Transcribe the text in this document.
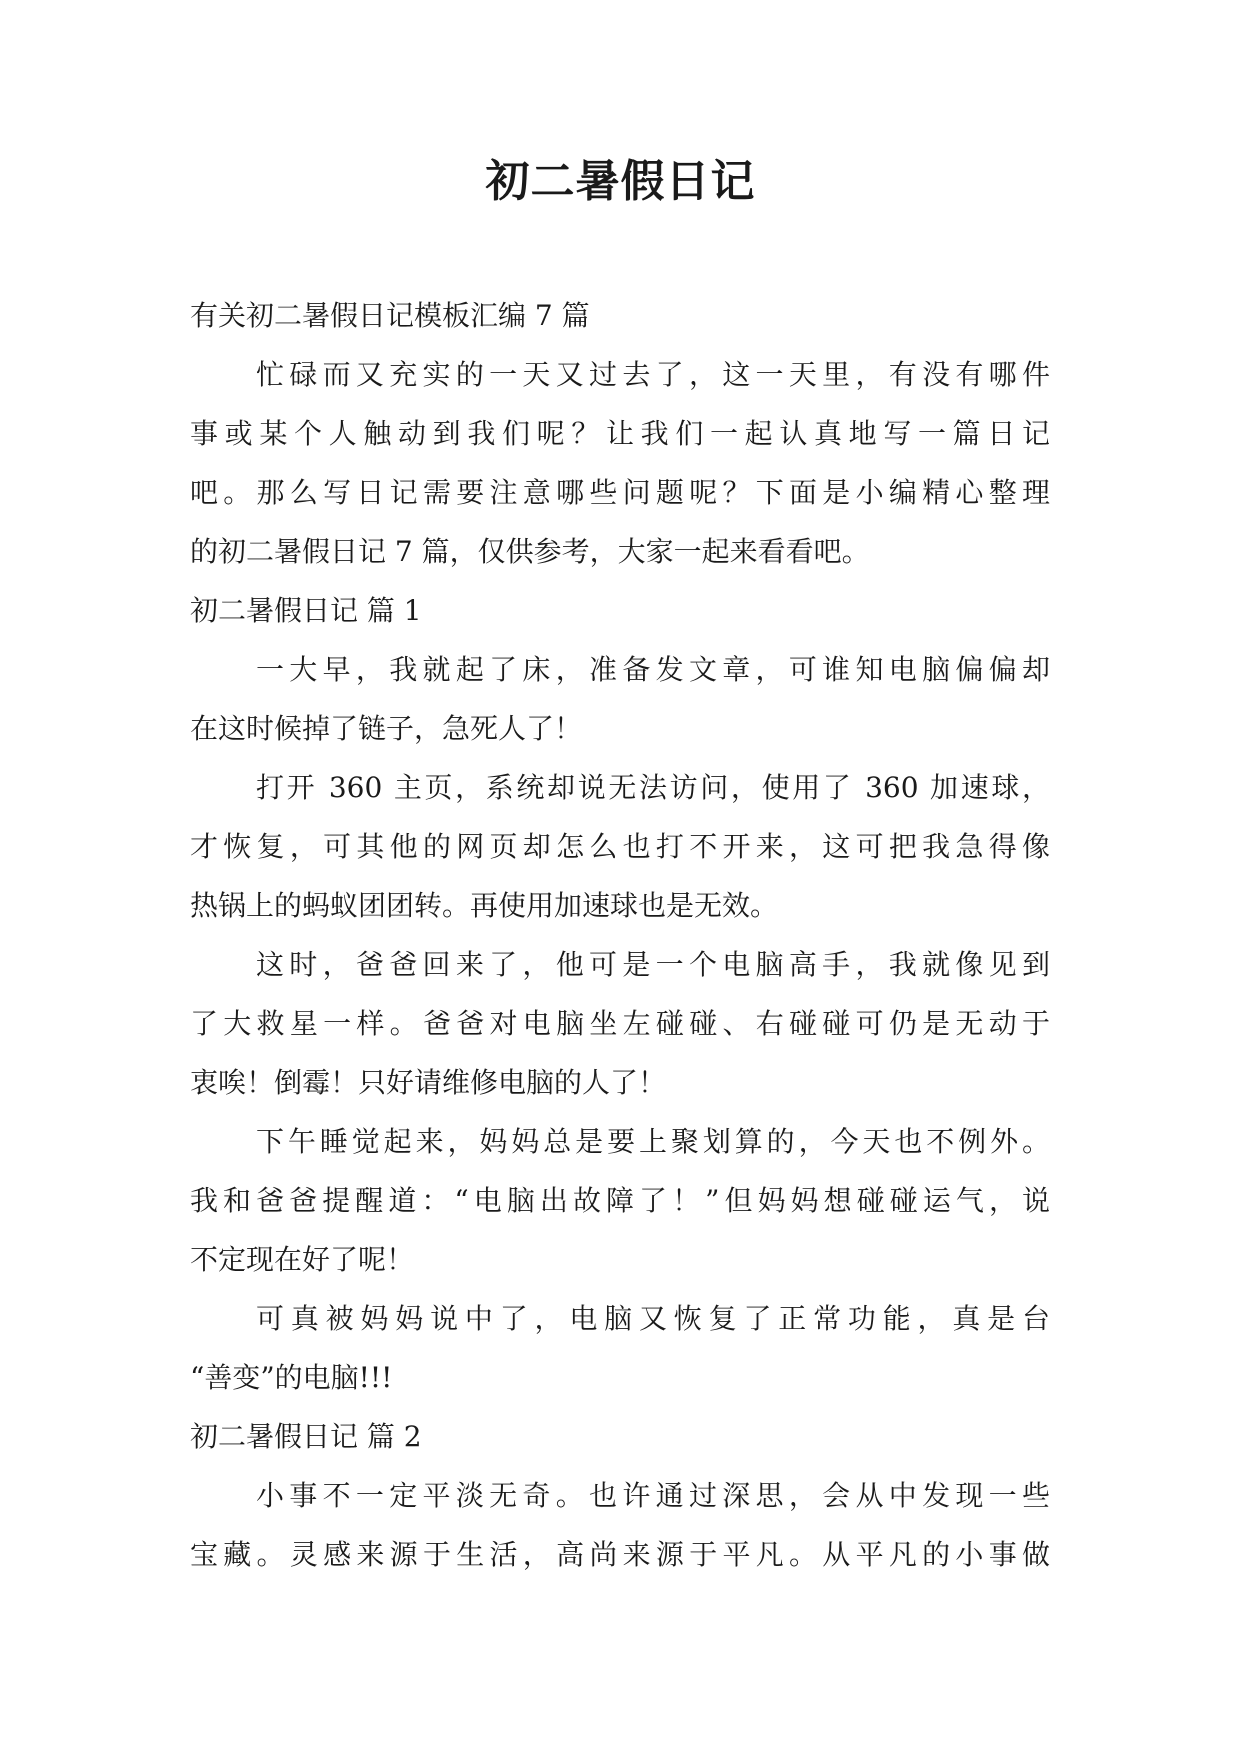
初二暑假日记
有关初二暑假日记模板汇编 7 篇
忙碌而又充实的一天又过去了，这一天里，有没有哪件
事或某个人触动到我们呢？让我们一起认真地写一篇日记
吧。那么写日记需要注意哪些问题呢？下面是小编精心整理
的初二暑假日记 7 篇，仅供参考，大家一起来看看吧。
初二暑假日记 篇 1
一大早，我就起了床，准备发文章，可谁知电脑偏偏却
在这时候掉了链子，急死人了！
打开 360 主页，系统却说无法访问，使用了 360 加速球，
才恢复，可其他的网页却怎么也打不开来，这可把我急得像
热锅上的蚂蚁团团转。再使用加速球也是无效。
这时，爸爸回来了，他可是一个电脑高手，我就像见到
了大救星一样。爸爸对电脑坐左碰碰、右碰碰可仍是无动于
衷唉！倒霉！只好请维修电脑的人了！
下午睡觉起来，妈妈总是要上聚划算的，今天也不例外。
我和爸爸提醒道：“电脑出故障了！”但妈妈想碰碰运气，说
不定现在好了呢！
可真被妈妈说中了，电脑又恢复了正常功能，真是台
“善变”的电脑!!!
初二暑假日记 篇 2
小事不一定平淡无奇。也许通过深思，会从中发现一些
宝藏。灵感来源于生活，高尚来源于平凡。从平凡的小事做
